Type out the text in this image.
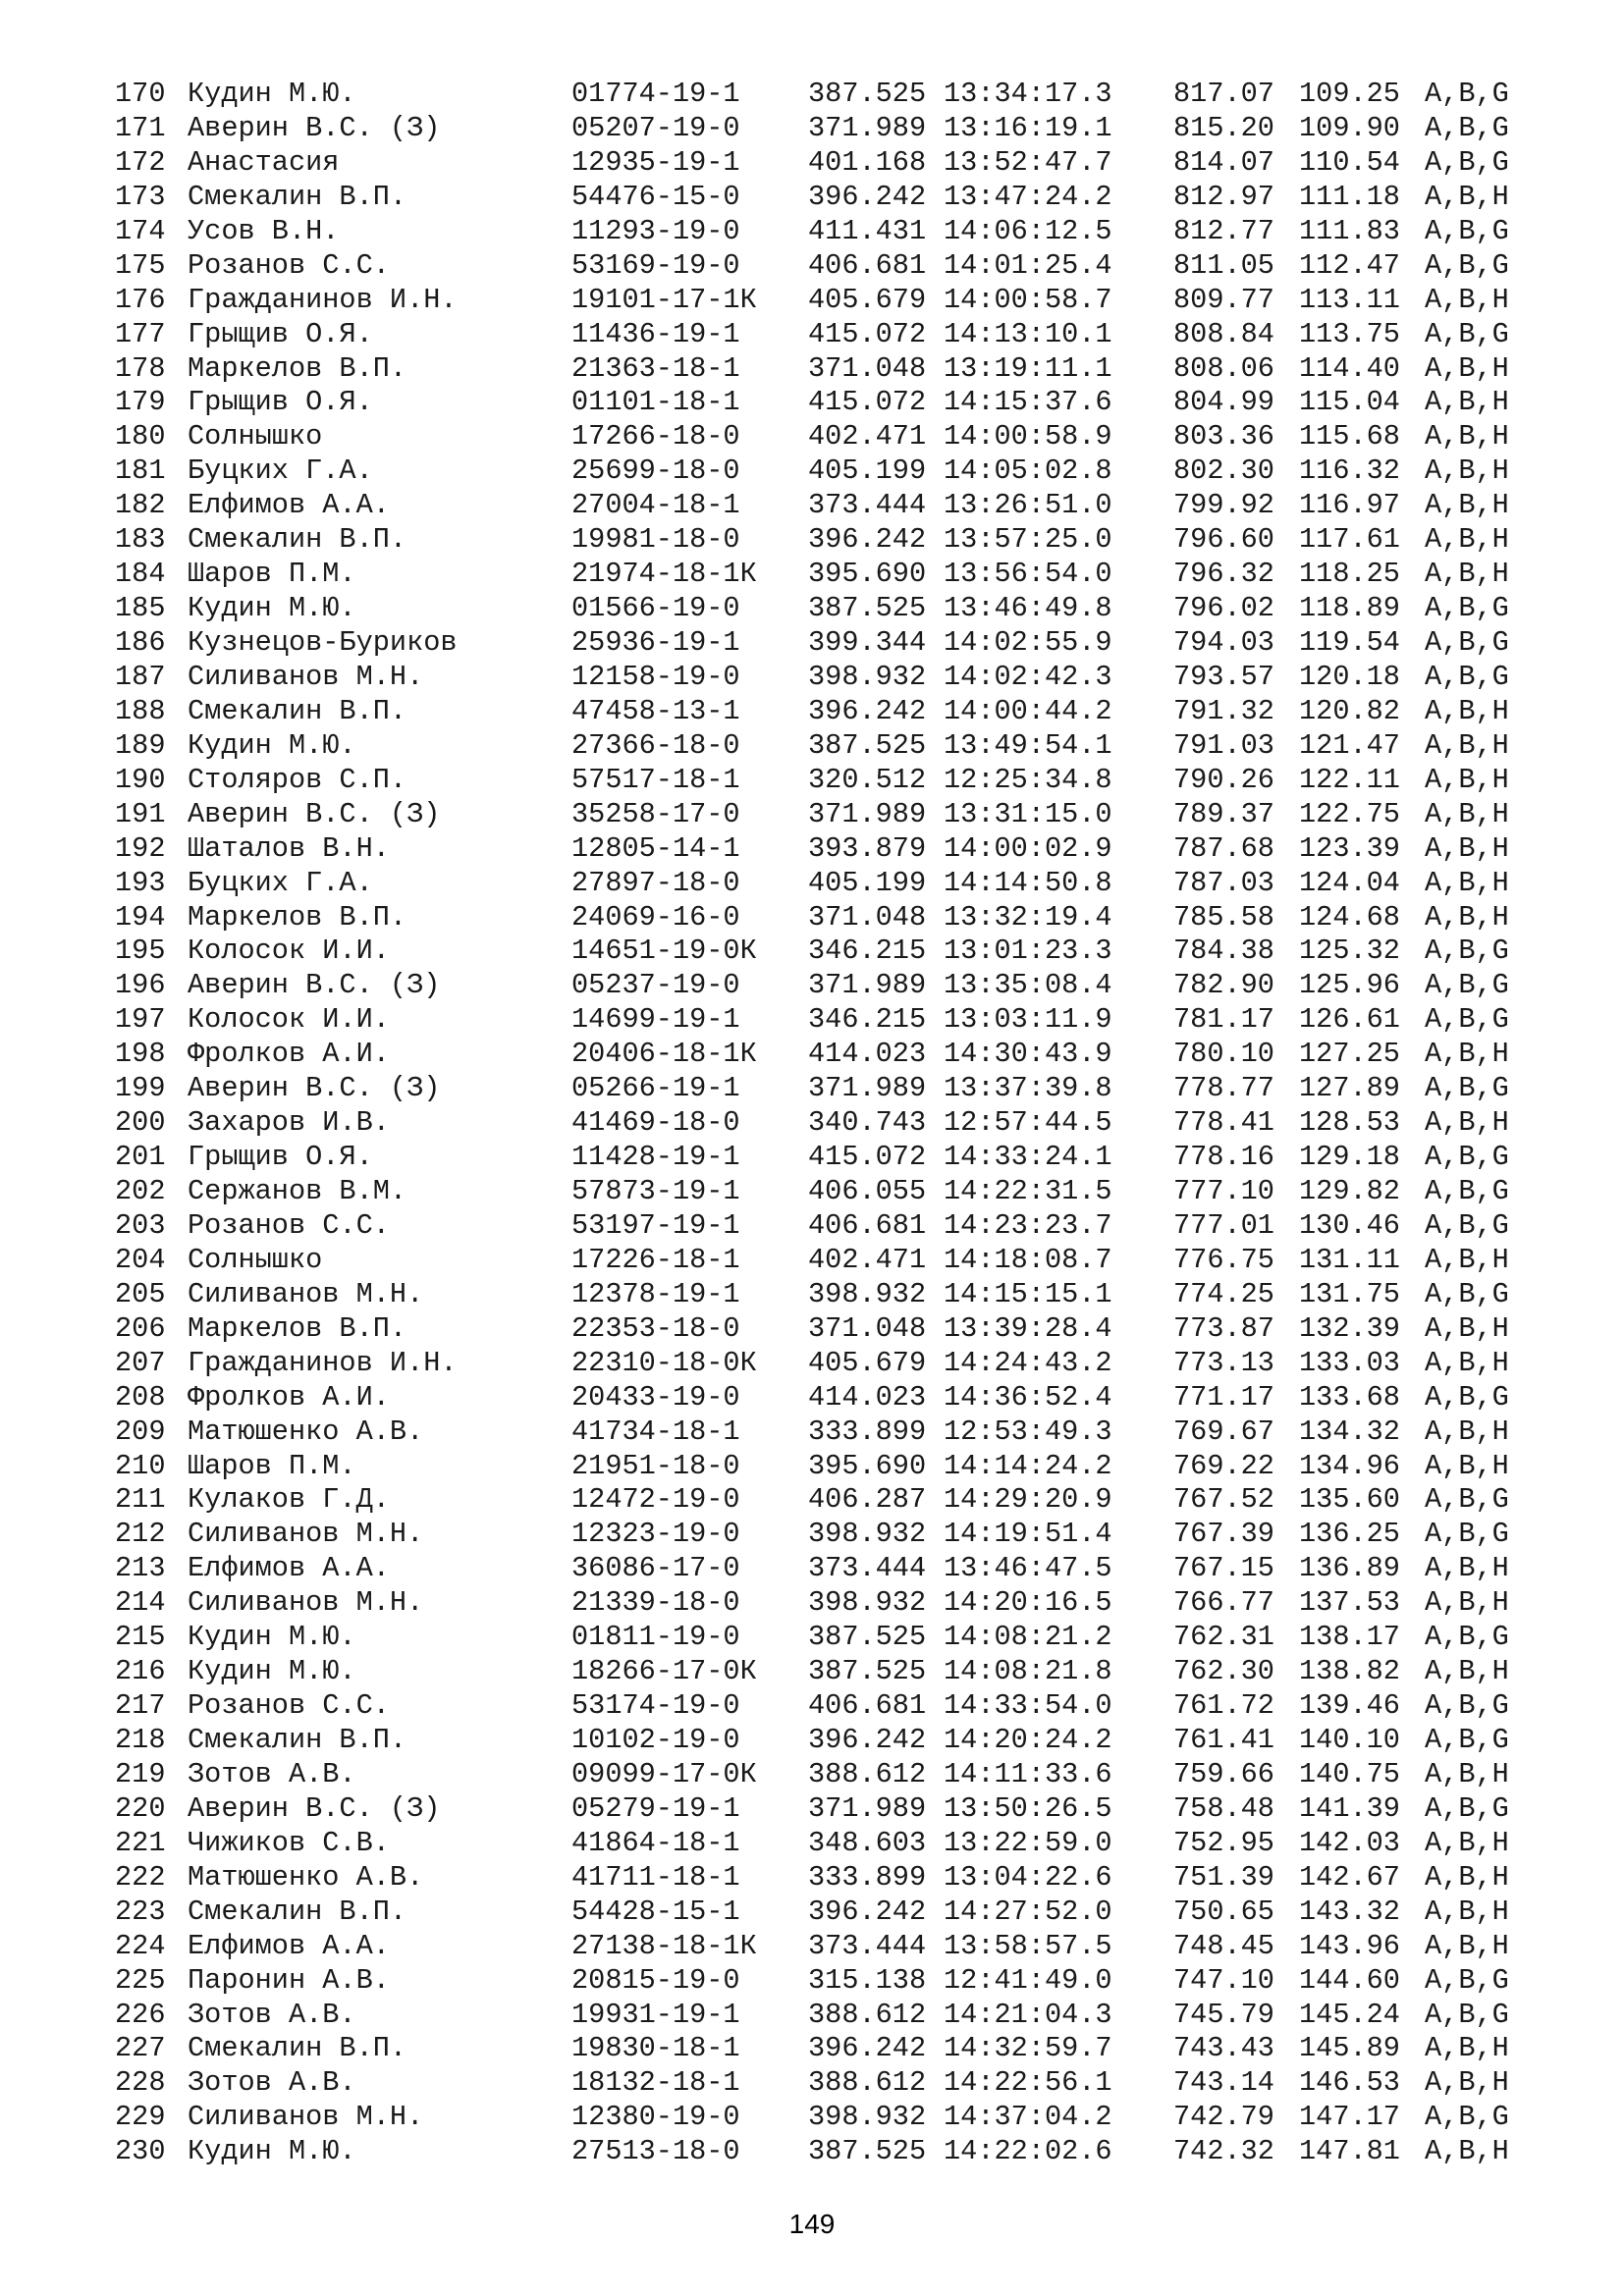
170 Кудин М.Ю.	01774-19-1 387.525 13:34:17.3 817.07 109.25 A,B,G
171 Аверин В.С. (З)	05207-19-0 371.989 13:16:19.1 815.20 109.90 A,B,G
172 Анастасия	12935-19-1 401.168 13:52:47.7 814.07 110.54 A,B,G
173 Смекалин В.П.	54476-15-0 396.242 13:47:24.2 812.97 111.18 A,B,H
174 Усов В.Н.	11293-19-0 411.431 14:06:12.5 812.77 111.83 A,B,G
175 Розанов С.С.	53169-19-0 406.681 14:01:25.4 811.05 112.47 A,B,G
176 Гражданинов И.Н.	19101-17-1К 405.679 14:00:58.7 809.77 113.11 A,B,H
177 Грыщив О.Я.	11436-19-1 415.072 14:13:10.1 808.84 113.75 A,B,G
178 Маркелов В.П.	21363-18-1 371.048 13:19:11.1 808.06 114.40 A,B,H
179 Грыщив О.Я.	01101-18-1 415.072 14:15:37.6 804.99 115.04 A,B,H
180 Солнышко	17266-18-0 402.471 14:00:58.9 803.36 115.68 A,B,H
181 Буцких Г.А.	25699-18-0 405.199 14:05:02.8 802.30 116.32 A,B,H
182 Елфимов А.А.	27004-18-1 373.444 13:26:51.0 799.92 116.97 A,B,H
183 Смекалин В.П.	19981-18-0 396.242 13:57:25.0 796.60 117.61 A,B,H
184 Шаров П.М.	21974-18-1К 395.690 13:56:54.0 796.32 118.25 A,B,H
185 Кудин М.Ю.	01566-19-0 387.525 13:46:49.8 796.02 118.89 A,B,G
186 Кузнецов-Буриков	25936-19-1 399.344 14:02:55.9 794.03 119.54 A,B,G
187 Силиванов М.Н.	12158-19-0 398.932 14:02:42.3 793.57 120.18 A,B,G
188 Смекалин В.П.	47458-13-1 396.242 14:00:44.2 791.32 120.82 A,B,H
189 Кудин М.Ю.	27366-18-0 387.525 13:49:54.1 791.03 121.47 A,B,H
190 Столяров С.П.	57517-18-1 320.512 12:25:34.8 790.26 122.11 A,B,H
191 Аверин В.С. (З)	35258-17-0 371.989 13:31:15.0 789.37 122.75 A,B,H
192 Шаталов В.Н.	12805-14-1 393.879 14:00:02.9 787.68 123.39 A,B,H
193 Буцких Г.А.	27897-18-0 405.199 14:14:50.8 787.03 124.04 A,B,H
194 Маркелов В.П.	24069-16-0 371.048 13:32:19.4 785.58 124.68 A,B,H
195 Колосок И.И.	14651-19-0К 346.215 13:01:23.3 784.38 125.32 A,B,G
196 Аверин В.С. (З)	05237-19-0 371.989 13:35:08.4 782.90 125.96 A,B,G
197 Колосок И.И.	14699-19-1 346.215 13:03:11.9 781.17 126.61 A,B,G
198 Фролков А.И.	20406-18-1К 414.023 14:30:43.9 780.10 127.25 A,B,H
199 Аверин В.С. (З)	05266-19-1 371.989 13:37:39.8 778.77 127.89 A,B,G
200 Захаров И.В.	41469-18-0 340.743 12:57:44.5 778.41 128.53 A,B,H
201 Грыщив О.Я.	11428-19-1 415.072 14:33:24.1 778.16 129.18 A,B,G
202 Сержанов В.М.	57873-19-1 406.055 14:22:31.5 777.10 129.82 A,B,G
203 Розанов С.С.	53197-19-1 406.681 14:23:23.7 777.01 130.46 A,B,G
204 Солнышко	17226-18-1 402.471 14:18:08.7 776.75 131.11 A,B,H
205 Силиванов М.Н.	12378-19-1 398.932 14:15:15.1 774.25 131.75 A,B,G
206 Маркелов В.П.	22353-18-0 371.048 13:39:28.4 773.87 132.39 A,B,H
207 Гражданинов И.Н.	22310-18-0К 405.679 14:24:43.2 773.13 133.03 A,B,H
208 Фролков А.И.	20433-19-0 414.023 14:36:52.4 771.17 133.68 A,B,G
209 Матюшенко А.В.	41734-18-1 333.899 12:53:49.3 769.67 134.32 A,B,H
210 Шаров П.М.	21951-18-0 395.690 14:14:24.2 769.22 134.96 A,B,H
211 Кулаков Г.Д.	12472-19-0 406.287 14:29:20.9 767.52 135.60 A,B,G
212 Силиванов М.Н.	12323-19-0 398.932 14:19:51.4 767.39 136.25 A,B,G
213 Елфимов А.А.	36086-17-0 373.444 13:46:47.5 767.15 136.89 A,B,H
214 Силиванов М.Н.	21339-18-0 398.932 14:20:16.5 766.77 137.53 A,B,H
215 Кудин М.Ю.	01811-19-0 387.525 14:08:21.2 762.31 138.17 A,B,G
216 Кудин М.Ю.	18266-17-0К 387.525 14:08:21.8 762.30 138.82 A,B,H
217 Розанов С.С.	53174-19-0 406.681 14:33:54.0 761.72 139.46 A,B,G
218 Смекалин В.П.	10102-19-0 396.242 14:20:24.2 761.41 140.10 A,B,G
219 Зотов А.В.	09099-17-0К 388.612 14:11:33.6 759.66 140.75 A,B,H
220 Аверин В.С. (З)	05279-19-1 371.989 13:50:26.5 758.48 141.39 A,B,G
221 Чижиков С.В.	41864-18-1 348.603 13:22:59.0 752.95 142.03 A,B,H
222 Матюшенко А.В.	41711-18-1 333.899 13:04:22.6 751.39 142.67 A,B,H
223 Смекалин В.П.	54428-15-1 396.242 14:27:52.0 750.65 143.32 A,B,H
224 Елфимов А.А.	27138-18-1К 373.444 13:58:57.5 748.45 143.96 A,B,H
225 Паронин А.В.	20815-19-0 315.138 12:41:49.0 747.10 144.60 A,B,G
226 Зотов А.В.	19931-19-1 388.612 14:21:04.3 745.79 145.24 A,B,G
227 Смекалин В.П.	19830-18-1 396.242 14:32:59.7 743.43 145.89 A,B,H
228 Зотов А.В.	18132-18-1 388.612 14:22:56.1 743.14 146.53 A,B,H
229 Силиванов М.Н.	12380-19-0 398.932 14:37:04.2 742.79 147.17 A,B,G
230 Кудин М.Ю.	27513-18-0 387.525 14:22:02.6 742.32 147.81 A,B,H
149
